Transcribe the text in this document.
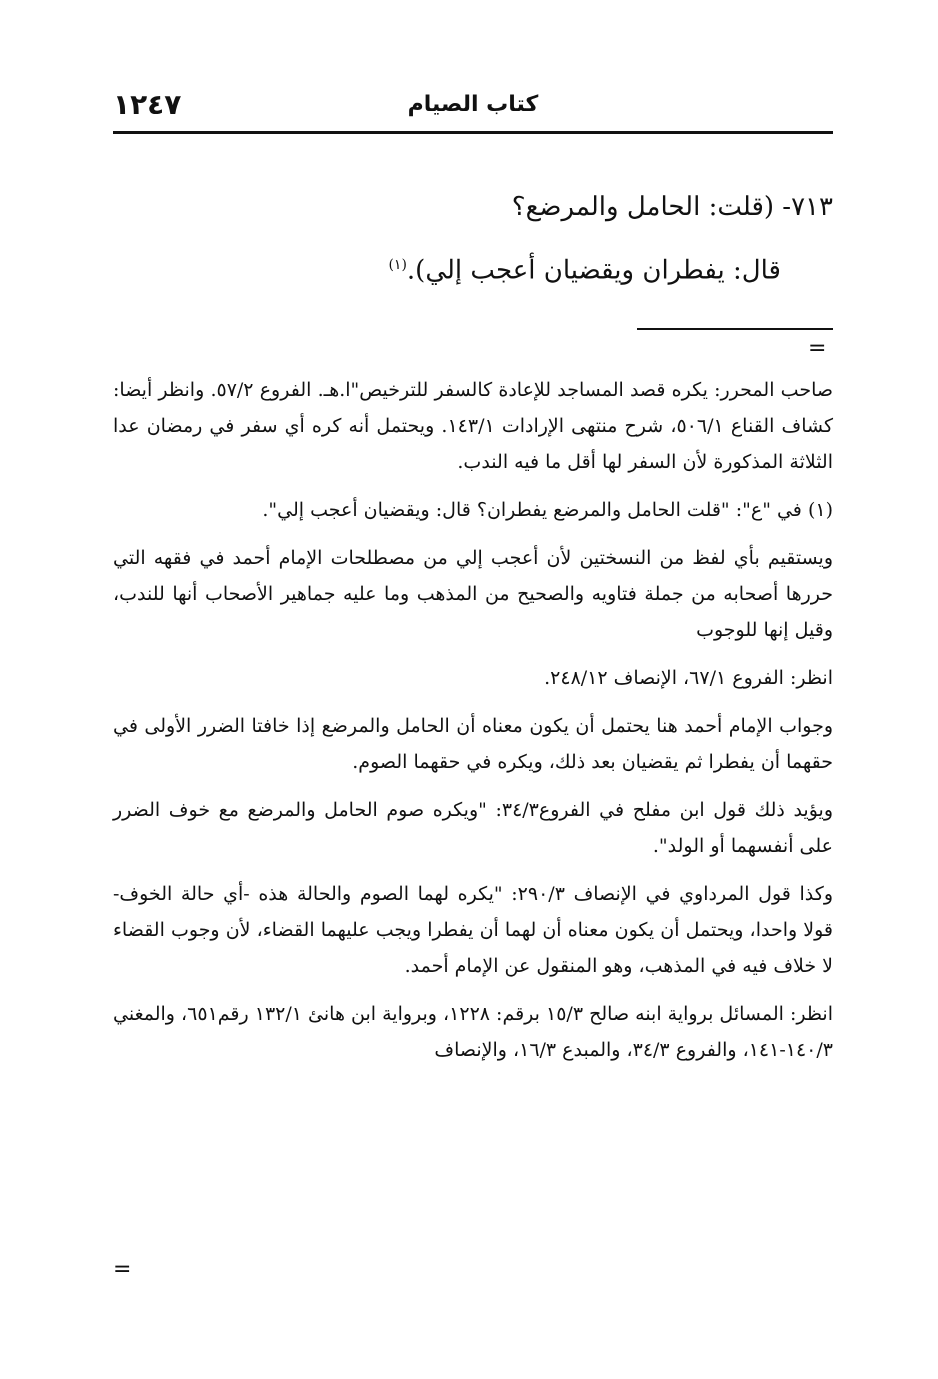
١٢٤٧	كتاب الصيام

٧١٣- (قلت: الحامل والمرضع؟

قال: يفطران ويقضيان أعجب إلي).$^{(١)}$

=

صاحب المحرر: يكره قصد المساجد للإعادة كالسفر للترخيص"ا.هـ. الفروع ٥٧/٢. وانظر أيضا: كشاف القناع ٥٠٦/١، شرح منتهى الإرادات ١٤٣/١. ويحتمل أنه كره أي سفر في رمضان عدا الثلاثة المذكورة لأن السفر لها أقل ما فيه الندب.

(١) في "ع": "قلت الحامل والمرضع يفطران؟ قال: ويقضيان أعجب إلي".

ويستقيم بأي لفظ من النسختين لأن أعجب إلي من مصطلحات الإمام أحمد في فقهه التي حررها أصحابه من جملة فتاويه والصحيح من المذهب وما عليه جماهير الأصحاب أنها للندب، وقيل إنها للوجوب

انظر: الفروع ٦٧/١، الإنصاف ٢٤٨/١٢.

وجواب الإمام أحمد هنا يحتمل أن يكون معناه أن الحامل والمرضع إذا خافتا الضرر الأولى في حقهما أن يفطرا ثم يقضيان بعد ذلك، ويكره في حقهما الصوم.

ويؤيد ذلك قول ابن مفلح في الفروع٣٤/٣: "ويكره صوم الحامل والمرضع مع خوف الضرر على أنفسهما أو الولد".

وكذا قول المرداوي في الإنصاف ٢٩٠/٣: "يكره لهما الصوم والحالة هذه -أي حالة الخوف- قولا واحدا، ويحتمل أن يكون معناه أن لهما أن يفطرا ويجب عليهما القضاء، لأن وجوب القضاء لا خلاف فيه في المذهب، وهو المنقول عن الإمام أحمد.

انظر: المسائل برواية ابنه صالح ١٥/٣ برقم: ١٢٢٨، وبرواية ابن هانئ ١٣٢/١ رقم٦٥١، والمغني ١٤٠/٣-١٤١، والفروع ٣٤/٣، والمبدع ١٦/٣، والإنصاف

=
